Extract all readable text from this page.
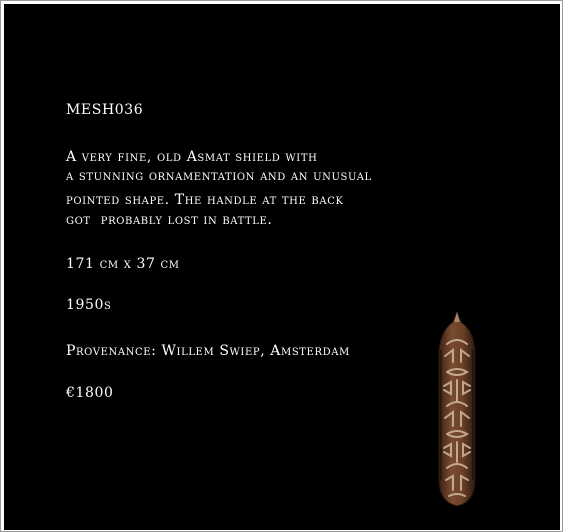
MESH036
A very fine, old Asmat shield with
a stunning ornamentation and an unusual
pointed shape. The handle at the back
got  probably lost in battle.
171 cm x 37 cm
1950s
Provenance: Willem Swiep, Amsterdam
€1800
